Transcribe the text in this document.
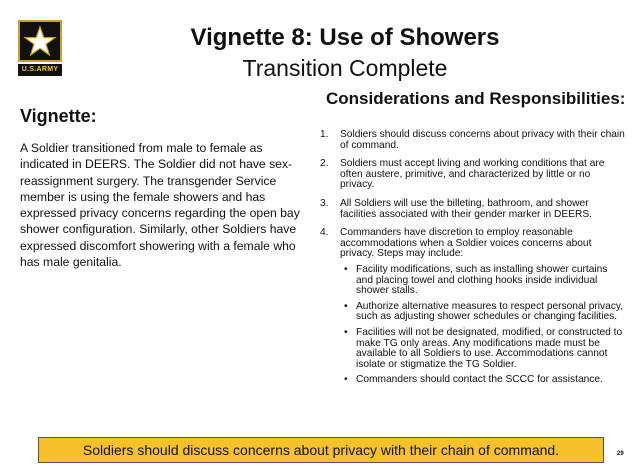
U.S.ARMY
Vignette 8: Use of Showers
Transition Complete
Vignette:
A Soldier transitioned from male to female as indicated in DEERS. The Soldier did not have sex-reassignment surgery. The transgender Service member is using the female showers and has expressed privacy concerns regarding the open bay shower configuration. Similarly, other Soldiers have expressed discomfort showering with a female who has male genitalia.
Considerations and Responsibilities:
1. Soldiers should discuss concerns about privacy with their chain of command.
2. Soldiers must accept living and working conditions that are often austere, primitive, and characterized by little or no privacy.
3. All Soldiers will use the billeting, bathroom, and shower facilities associated with their gender marker in DEERS.
4. Commanders have discretion to employ reasonable accommodations when a Soldier voices concerns about privacy. Steps may include:
• Facility modifications, such as installing shower curtains and placing towel and clothing hooks inside individual shower stalls.
• Authorize alternative measures to respect personal privacy, such as adjusting shower schedules or changing facilities.
• Facilities will not be designated, modified, or constructed to make TG only areas. Any modifications made must be available to all Soldiers to use. Accommodations cannot isolate or stigmatize the TG Soldier.
• Commanders should contact the SCCC for assistance.
Soldiers should discuss concerns about privacy with their chain of command.	29
